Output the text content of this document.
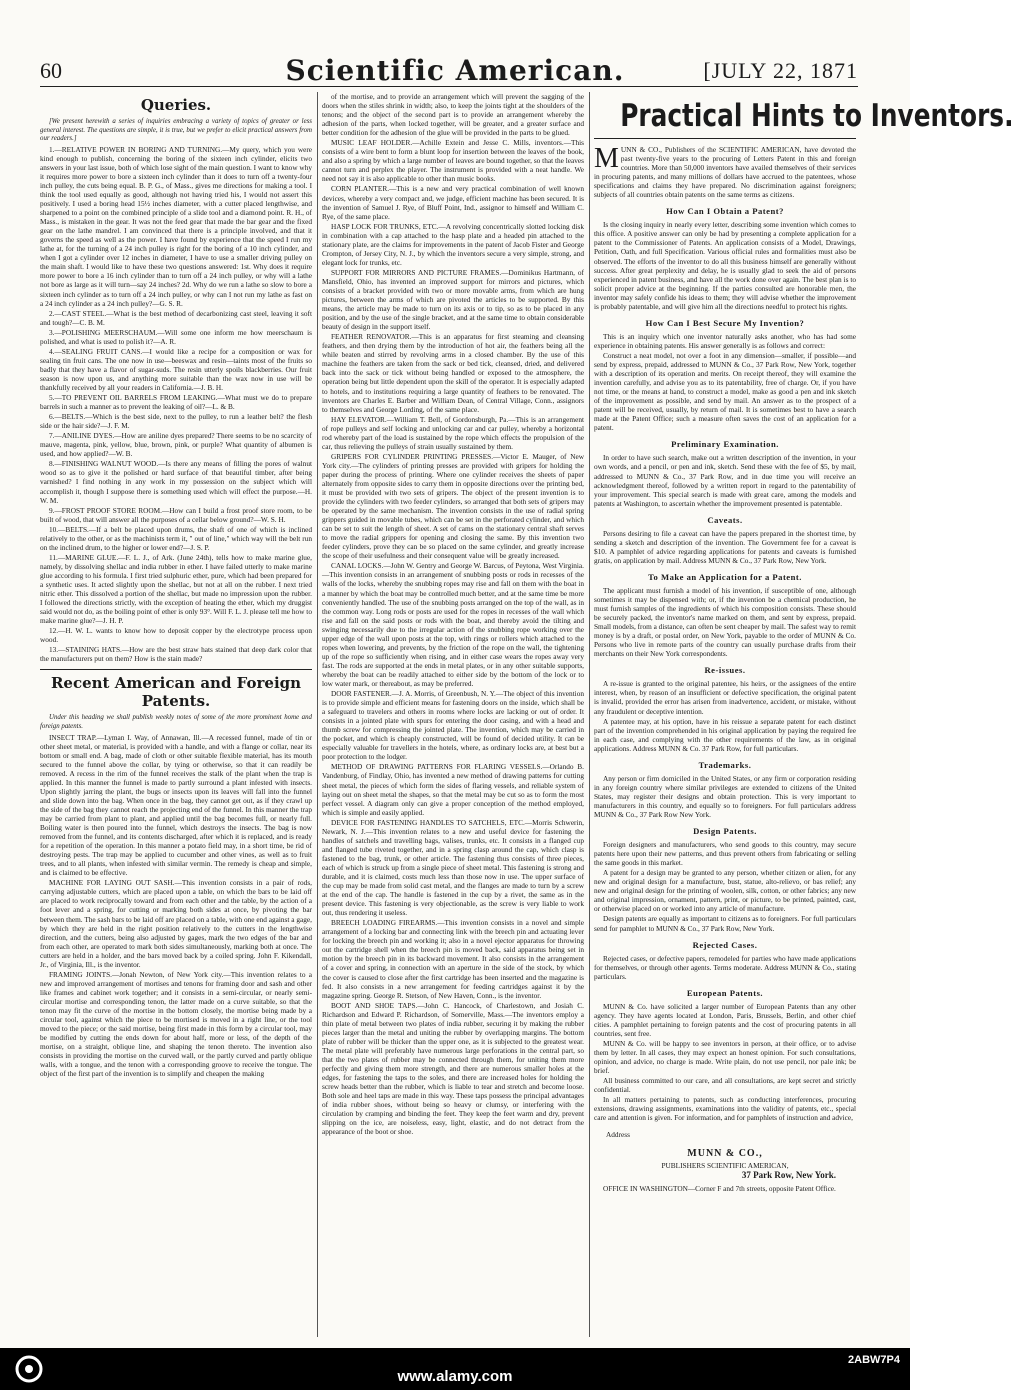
60	Scientific American.	[JULY 22, 1871
Queries.

[We present herewith a series of inquiries embracing a variety of topics of greater or less general interest. The questions are simple, it is true, but we prefer to elicit practical answers from our readers.]

1.—RELATIVE POWER IN BORING AND TURNING.—My query, which you were kind enough to publish, concerning the boring of the sixteen inch cylinder, elicits two answers in your last issue, both of which lose sight of the main question. I want to know why it requires more power to bore a sixteen inch cylinder than it does to turn off a twenty-four inch pulley, the cuts being equal. B. P. G., of Mass., gives me directions for making a tool. I think the tool used equally as good, although not having tried his, I would not assert this positively. I used a boring head 15½ inches diameter, with a cutter placed lengthwise, and sharpened to a point on the combined principle of a slide tool and a diamond point. R. H., of Mass., is mistaken in the gear. It was not the feed gear that made the bar gear and the fixed gear on the lathe mandrel. I am convinced that there is a principle involved, and that it governs the speed as well as the power. I have found by experience that the speed I run my lathe at, for the turning of a 24 inch pulley is right for the boring of a 10 inch cylinder, and when I got a cylinder over 12 inches in diameter, I have to use a smaller driving pulley on the main shaft. I would like to have these two questions answered: 1st. Why does it require more power to bore a 16 inch cylinder than to turn off a 24 inch pulley, or why will a lathe not bore as large as it will turn—say 24 inches? 2d. Why do we run a lathe so slow to bore a sixteen inch cylinder as to turn off a 24 inch pulley, or why can I not run my lathe as fast on a 24 inch cylinder as a 24 inch pulley?—G. S. R.

2.—CAST STEEL.—What is the best method of decarbonizing cast steel, leaving it soft and tough?—C. B. M.

3.—POLISHING MEERSCHAUM.—Will some one inform me how meerschaum is polished, and what is used to polish it?—A. R.

4.—SEALING FRUIT CANS.—I would like a recipe for a composition or wax for sealing tin fruit cans. The one now in use—beeswax and resin—taints most of the fruits so badly that they have a flavor of sugar-suds. The resin utterly spoils blackberries. Our fruit season is now upon us, and anything more suitable than the wax now in use will be thankfully received by all your readers in California.—J. B. H.

5.—TO PREVENT OIL BARRELS FROM LEAKING.—What must we do to prepare barrels in such a manner as to prevent the leaking of oil?—L. & B.

6.—BELTS.—Which is the best side, next to the pulley, to run a leather belt? the flesh side or the hair side?—J. F. M.

7.—ANILINE DYES.—How are aniline dyes prepared? There seems to be no scarcity of mauve, magenta, pink, yellow, blue, brown, pink, or purple? What quantity of albumen is used, and how applied?—W. B.

8.—FINISHING WALNUT WOOD.—Is there any means of filling the pores of walnut wood so as to give it the polished or hard surface of that beautiful timber, after being varnished? I find nothing in any work in my possession on the subject which will accomplish it, though I suppose there is something used which will effect the purpose.—H. W. M.

9.—FROST PROOF STORE ROOM.—How can I build a frost proof store room, to be built of wood, that will answer all the purposes of a cellar below ground?—W. S. H.

10.—BELTS.—If a belt be placed upon drums, the shaft of one of which is inclined relatively to the other, or as the machinists term it, " out of line," which way will the belt run on the inclined drum, to the higher or lower end?—J. S. P.

11.—MARINE GLUE.—F. L. J., of Ark. (June 24th), tells how to make marine glue, namely, by dissolving shellac and india rubber in ether. I have failed utterly to make marine glue according to his formula. I first tried sulphuric ether, pure, which had been prepared for a synthetic uses. It acted slightly upon the shellac, but not at all on the rubber. I next tried nitric ether. This dissolved a portion of the shellac, but made no impression upon the rubber. I followed the directions strictly, with the exception of heating the ether, which my druggist said would not do, as the boiling point of ether is only 93°. Will F. L. J. please tell me how to make marine glue?—J. H. P.

12.—H. W. L. wants to know how to deposit copper by the electrotype process upon wood.

13.—STAINING HATS.—How are the best straw hats stained that deep dark color that the manufacturers put on them? How is the stain made?

Recent American and Foreign Patents.

Under this heading we shall publish weekly notes of some of the more prominent home and foreign patents.

INSECT TRAP.—Lyman I. Way, of Annawan, Ill.—A recessed funnel, made of tin or other sheet metal, or material, is provided with a handle, and with a flange or collar, near its bottom or small end. A bag, made of cloth or other suitable flexible material, has its mouth secured to the funnel above the collar, by tying or otherwise, so that it can readily be removed. A recess in the rim of the funnel receives the stalk of the plant when the trap is applied. In this manner the funnel is made to partly surround a plant infested with insects. Upon slightly jarring the plant, the bugs or insects upon its leaves will fall into the funnel and slide down into the bag. When once in the bag, they cannot get out, as if they crawl up the side of the bag they cannot reach the projecting end of the funnel. In this manner the trap may be carried from plant to plant, and applied until the bag becomes full, or nearly full. Boiling water is then poured into the funnel, which destroys the insects. The bag is now removed from the funnel, and its contents discharged, after which it is replaced, and is ready for a repetition of the operation. In this manner a potato field may, in a short time, be rid of destroying pests. The trap may be applied to cucumber and other vines, as well as to fruit trees, and to all plants, when infested with similar vermin. The remedy is cheap and simple, and is claimed to be effective.

MACHINE FOR LAYING OUT SASH.—This invention consists in a pair of rods, carrying adjustable cutters, which are placed upon a table, on which the bars to be laid off are placed to work reciprocally toward and from each other and the table, by the action of a foot lever and a spring, for cutting or marking both sides at once, by pivoting the bar between them. The sash bars to be laid off are placed on a table, with one end against a gage, by which they are held in the right position relatively to the cutters in the lengthwise direction, and the cutters, being also adjusted by gages, mark the two edges of the bar and from each other, are operated to mark both sides simultaneously, marking both at once. The cutters are held in a holder, and the bars moved back by a coiled spring. John F. Kikendall, Jr., of Virginia, Ill., is the inventor.

FRAMING JOINTS.—Jonah Newton, of New York city.—This invention relates to a new and improved arrangement of mortises and tenons for framing door and sash and other like frames and cabinet work together; and it consists in a semi-circular, or nearly semi-circular mortise and corresponding tenon, the latter made on a curve suitable, so that the tenon may fit the curve of the mortise in the bottom closely, the mortise being made by a circular tool, against which the piece to be mortised is moved in a right line, or the tool moved to the piece; or the said mortise, being first made in this form by a circular tool, may be modified by cutting the ends down for about half, more or less, of the depth of the mortise, on a straight, oblique line, and shaping the tenon thereto. The invention also consists in providing the mortise on the curved wall, or the partly curved and partly oblique walls, with a tongue, and the tenon with a corresponding groove to receive the tongue. The object of the first part of the invention is to simplify and cheapen the making

of the mortise, and to provide an arrangement which will prevent the sagging of the doors when the stiles shrink in width; also, to keep the joints tight at the shoulders of the tenons; and the object of the second part is to provide an arrangement whereby the adhesion of the parts, when locked together, will be greater, and a greater surface and better condition for the adhesion of the glue will be provided in the parts to be glued.

MUSIC LEAF HOLDER.—Achille Extein and Jesse C. Mills, inventors.—This consists of a wire bent to form a blunt loop for insertion between the leaves of the book, and also a spring by which a large number of leaves are bound together, so that the leaves cannot turn and perplex the player. The instrument is provided with a neat handle. We need not say it is also applicable to other than music books.

CORN PLANTER.—This is a new and very practical combination of well known devices, whereby a very compact and, we judge, efficient machine has been secured. It is the invention of Samuel J. Rye, of Bluff Point, Ind., assignor to himself and William C. Rye, of the same place.

HASP LOCK FOR TRUNKS, ETC.—A revolving concentrically slotted locking disk in combination with a cap attached to the hasp plate and a headed pin attached to the stationary plate, are the claims for improvements in the patent of Jacob Fister and George Crompton, of Jersey City, N. J., by which the inventors secure a very simple, strong, and elegant lock for trunks, etc.

SUPPORT FOR MIRRORS AND PICTURE FRAMES.—Dominikus Hartmann, of Mansfield, Ohio, has invented an improved support for mirrors and pictures, which consists of a bracket provided with two or more movable arms, from which are hung pictures, between the arms of which are pivoted the articles to be supported. By this means, the article may be made to turn on its axis or to tip, so as to be placed in any position, and by the use of the single bracket, and at the same time to obtain considerable beauty of design in the support itself.

FEATHER RENOVATOR.—This is an apparatus for first steaming and cleansing feathers, and then drying them by the introduction of hot air, the feathers being all the while beaten and stirred by revolving arms in a closed chamber. By the use of this machine the feathers are taken from the sack or bed tick, cleansed, dried, and delivered back into the sack or tick without being handled or exposed to the atmosphere, the operation being but little dependent upon the skill of the operator. It is especially adapted to hotels, and to institutions requiring a large quantity of feathers to be renovated. The inventors are Charles E. Barber and William Dean, of Central Village, Conn., assignors to themselves and George Lording, of the same place.

HAY ELEVATOR.—William T. Bell, of Gordonsburgh, Pa.—This is an arrangement of rope pulleys and self locking and unlocking car and car pulley, whereby a horizontal rod whereby part of the load is sustained by the rope which effects the propulsion of the car, thus relieving the pulleys of strain usually sustained by them.

GRIPERS FOR CYLINDER PRINTING PRESSES.—Victor E. Mauger, of New York city.—The cylinders of printing presses are provided with gripers for holding the paper during the process of printing. Where one cylinder receives the sheets of paper alternately from opposite sides to carry them in opposite directions over the printing bed, it must be provided with two sets of gripers. The object of the present invention is to provide the cylinders with two feeder cylinders, so arranged that both sets of gripers may be operated by the same mechanism. The invention consists in the use of radial spring grippers guided in movable tubes, which can be set in the perforated cylinder, and which can be set to suit the length of sheet. A set of cams on the stationary central shaft serves to move the radial grippers for opening and closing the same. By this invention two feeder cylinders, prove they can be so placed on the same cylinder, and greatly increase the scope of their usefulness and their consequent value will be greatly increased.

CANAL LOCKS.—John W. Gentry and George W. Barcus, of Peytona, West Virginia.—This invention consists in an arrangement of snubbing posts or rods in recesses of the walls of the locks, whereby the snubbing ropes may rise and fall on them with the boat in a manner by which the boat may be controlled much better, and at the same time be more conveniently handled. The use of the snubbing posts arranged on the top of the wall, as in the common way. Long rods or posts are used for the ropes in recesses of the wall which rise and fall on the said posts or rods with the boat, and thereby avoid the tilting and swinging necessarily due to the irregular action of the snubbing rope working over the upper edge of the wall upon posts at the top, with rings or rollers which attached to the ropes when lowering, and prevents, by the friction of the rope on the wall, the tightening up of the rope so sufficiently when rising, and in either case wears the ropes away very fast. The rods are supported at the ends in metal plates, or in any other suitable supports, whereby the boat can be readily attached to either side by the bottom of the lock or to low water mark, or thereabout, as may be preferred.

DOOR FASTENER.—J. A. Morris, of Greenbush, N. Y.—The object of this invention is to provide simple and efficient means for fastening doors on the inside, which shall be a safeguard to travelers and others in rooms where locks are lacking or out of order. It consists in a jointed plate with spurs for entering the door casing, and with a head and thumb screw for compressing the jointed plate. The invention, which may be carried in the pocket, and which is cheaply constructed, will be found of decided utility. It can be especially valuable for travellers in the hotels, where, as ordinary locks are, at best but a poor protection to the lodger.

METHOD OF DRAWING PATTERNS FOR FLARING VESSELS.—Orlando B. Vandenburg, of Findlay, Ohio, has invented a new method of drawing patterns for cutting sheet metal, the pieces of which form the sides of flaring vessels, and reliable system of laying out on sheet metal the shapes, so that the metal may be cut so as to form the most perfect vessel. A diagram only can give a proper conception of the method employed, which is simple and easily applied.

DEVICE FOR FASTENING HANDLES TO SATCHELS, ETC.—Morris Schwerin, Newark, N. J.—This invention relates to a new and useful device for fastening the handles of satchels and travelling bags, valises, trunks, etc. It consists in a flanged cup and flanged tube riveted together, and in a spring clasp around the cap, which clasp is fastened to the bag, trunk, or other article. The fastening thus consists of three pieces, each of which is struck up from a single piece of sheet metal. This fastening is strong and durable, and it is claimed, costs much less than those now in use. The upper surface of the cup may be made from solid cast metal, and the flanges are made to turn by a screw at the end of the cap. The handle is fastened in the cup by a rivet, the same as in the present device. This fastening is very objectionable, as the screw is very liable to work out, thus rendering it useless.

BREECH LOADING FIREARMS.—This invention consists in a novel and simple arrangement of a locking bar and connecting link with the breech pin and actuating lever for locking the breech pin and working it; also in a novel ejector apparatus for throwing out the cartridge shell when the breech pin is moved back, said apparatus being set in motion by the breech pin in its backward movement. It also consists in the arrangement of a cover and spring, in connection with an aperture in the side of the stock, by which the cover is caused to close after the first cartridge has been inserted and the magazine is fed. It also consists in a new arrangement for feeding cartridges against it by the magazine spring. George R. Stetson, of New Haven, Conn., is the inventor.

BOOT AND SHOE TAPS.—John C. Hancock, of Charlestown, and Josiah C. Richardson and Edward P. Richardson, of Somerville, Mass.—The inventors employ a thin plate of metal between two plates of india rubber, securing it by making the rubber pieces larger than the metal and uniting the rubber by overlapping margins. The bottom plate of rubber will be thicker than the upper one, as it is subjected to the greatest wear. The metal plate will preferably have numerous large perforations in the central part, so that the two plates of rubber may be connected through them, for uniting them more perfectly and giving them more strength, and there are numerous smaller holes at the edges, for fastening the taps to the soles, and there are increased holes for holding the screw heads better than the rubber, which is liable to tear and stretch and become loose. Both sole and heel taps are made in this way. These taps possess the principal advantages of india rubber shoes, without being so heavy or clumsy, or interfering with the circulation by cramping and binding the feet. They keep the feet warm and dry, prevent slipping on the ice, are noiseless, easy, light, elastic, and do not detract from the appearance of the boot or shoe.

Practical Hints to Inventors.

MUNN & CO., Publishers of the SCIENTIFIC AMERICAN, have devoted the past twenty-five years to the procuring of Letters Patent in this and foreign countries. More than 50,000 inventors have availed themselves of their services in procuring patents, and many millions of dollars have accrued to the patentees, whose specifications and claims they have prepared. No discrimination against foreigners; subjects of all countries obtain patents on the same terms as citizens.

How Can I Obtain a Patent?

Is the closing inquiry in nearly every letter, describing some invention which comes to this office. A positive answer can only be had by presenting a complete application for a patent to the Commissioner of Patents. An application consists of a Model, Drawings, Petition, Oath, and full Specification. Various official rules and formalities must also be observed. The efforts of the inventor to do all this business himself are generally without success. After great perplexity and delay, he is usually glad to seek the aid of persons experienced in patent business, and have all the work done over again. The best plan is to solicit proper advice at the beginning. If the parties consulted are honorable men, the inventor may safely confide his ideas to them; they will advise whether the improvement is probably patentable, and will give him all the directions needful to protect his rights.

How Can I Best Secure My Invention?

This is an inquiry which one inventor naturally asks another, who has had some experience in obtaining patents. His answer generally is as follows and correct:

Construct a neat model, not over a foot in any dimension—smaller, if possible—and send by express, prepaid, addressed to MUNN & Co., 37 Park Row, New York, together with a description of its operation and merits. On receipt thereof, they will examine the invention carefully, and advise you as to its patentability, free of charge. Or, if you have not time, or the means at hand, to construct a model, make as good a pen and ink sketch of the improvement as possible, and send by mail. An answer as to the prospect of a patent will be received, usually, by return of mail. It is sometimes best to have a search made at the Patent Office; such a measure often saves the cost of an application for a patent.

Preliminary Examination.

In order to have such search, make out a written description of the invention, in your own words, and a pencil, or pen and ink, sketch. Send these with the fee of $5, by mail, addressed to MUNN & Co., 37 Park Row, and in due time you will receive an acknowledgment thereof, followed by a written report in regard to the patentability of your improvement. This special search is made with great care, among the models and patents at Washington, to ascertain whether the improvement presented is patentable.

Caveats.

Persons desiring to file a caveat can have the papers prepared in the shortest time, by sending a sketch and description of the invention. The Government fee for a caveat is $10. A pamphlet of advice regarding applications for patents and caveats is furnished gratis, on application by mail. Address MUNN & Co., 37 Park Row, New York.

To Make an Application for a Patent.

The applicant must furnish a model of his invention, if susceptible of one, although sometimes it may be dispensed with; or, if the invention be a chemical production, he must furnish samples of the ingredients of which his composition consists. These should be securely packed, the inventor's name marked on them, and sent by express, prepaid. Small models, from a distance, can often be sent cheaper by mail. The safest way to remit money is by a draft, or postal order, on New York, payable to the order of MUNN & Co. Persons who live in remote parts of the country can usually purchase drafts from their merchants on their New York correspondents.

Re-issues.

A re-issue is granted to the original patentee, his heirs, or the assignees of the entire interest, when, by reason of an insufficient or defective specification, the original patent is invalid, provided the error has arisen from inadvertence, accident, or mistake, without any fraudulent or deceptive intention.

A patentee may, at his option, have in his reissue a separate patent for each distinct part of the invention comprehended in his original application by paying the required fee in each case, and complying with the other requirements of the law, as in original applications. Address MUNN & Co. 37 Park Row, for full particulars.

Trademarks.

Any person or firm domiciled in the United States, or any firm or corporation residing in any foreign country where similar privileges are extended to citizens of the United States, may register their designs and obtain protection. This is very important to manufacturers in this country, and equally so to foreigners. For full particulars address MUNN & Co., 37 Park Row New York.

Design Patents.

Foreign designers and manufacturers, who send goods to this country, may secure patents here upon their new patterns, and thus prevent others from fabricating or selling the same goods in this market.

A patent for a design may be granted to any person, whether citizen or alien, for any new and original design for a manufacture, bust, statue, alto-relievo, or bas relief; any new and original design for the printing of woolen, silk, cotton, or other fabrics; any new and original impression, ornament, pattern, print, or picture, to be printed, painted, cast, or otherwise placed on or worked into any article of manufacture.

Design patents are equally as important to citizens as to foreigners. For full particulars send for pamphlet to MUNN & Co., 37 Park Row, New York.

Rejected Cases.

Rejected cases, or defective papers, remodeled for parties who have made applications for themselves, or through other agents. Terms moderate. Address MUNN & Co., stating particulars.

European Patents.

MUNN & Co. have solicited a larger number of European Patents than any other agency. They have agents located at London, Paris, Brussels, Berlin, and other chief cities. A pamphlet pertaining to foreign patents and the cost of procuring patents in all countries, sent free.

MUNN & Co. will be happy to see inventors in person, at their office, or to advise them by letter. In all cases, they may expect an honest opinion. For such consultations, opinion, and advice, no charge is made. Write plain, do not use pencil, nor pale ink; be brief.

All business committed to our care, and all consultations, are kept secret and strictly confidential.

In all matters pertaining to patents, such as conducting interferences, procuring extensions, drawing assignments, examinations into the validity of patents, etc., special care and attention is given. For information, and for pamphlets of instruction and advice,

Address
MUNN & CO.,
PUBLISHERS SCIENTIFIC AMERICAN,
37 Park Row, New York.

OFFICE IN WASHINGTON—Corner F and 7th streets, opposite Patent Office.

2ABW7P4
www.alamy.com
